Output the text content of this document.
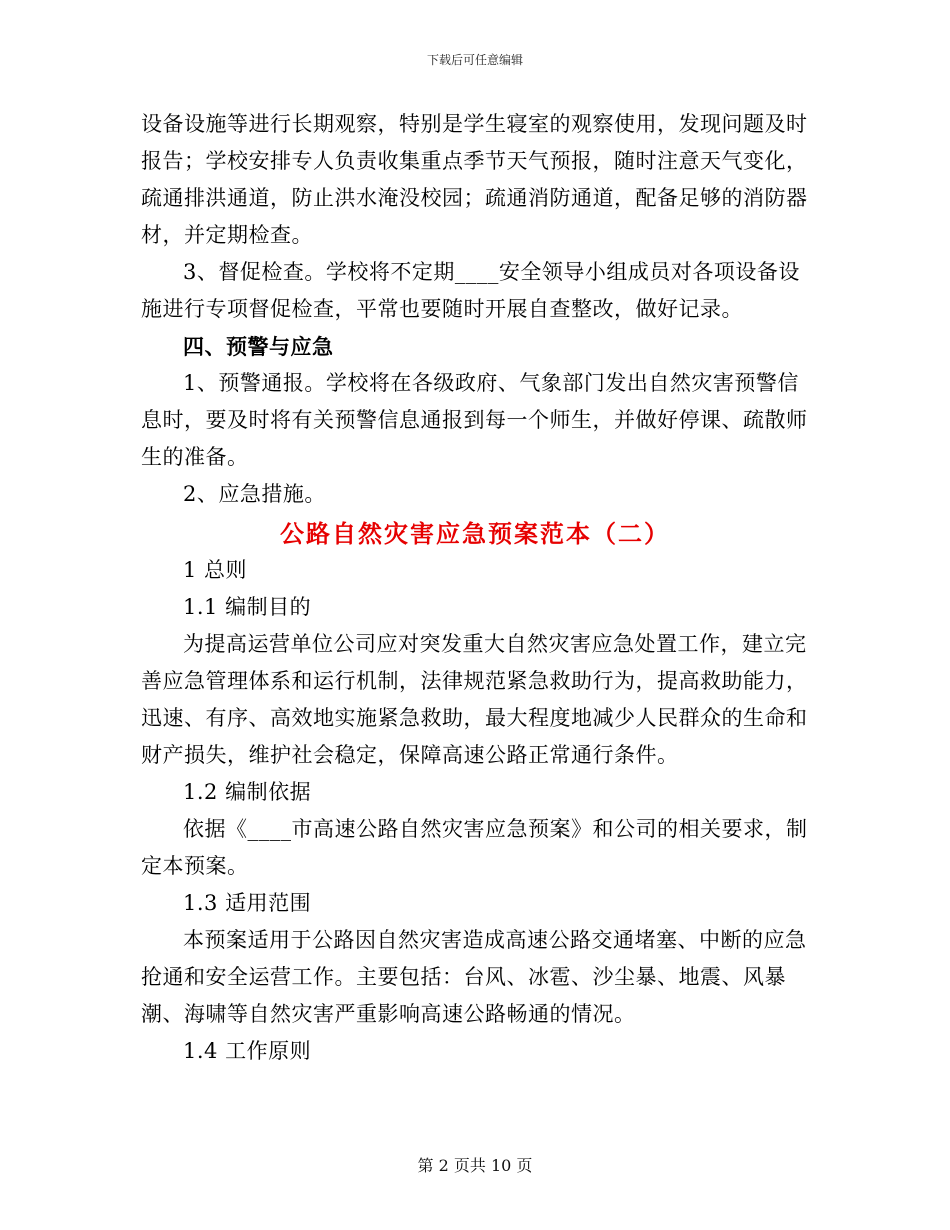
下载后可任意编辑

设备设施等进行长期观察，特别是学生寝室的观察使用，发现问题及时报告；学校安排专人负责收集重点季节天气预报，随时注意天气变化，疏通排洪通道，防止洪水淹没校园；疏通消防通道，配备足够的消防器材，并定期检查。

3、督促检查。学校将不定期____安全领导小组成员对各项设备设施进行专项督促检查，平常也要随时开展自查整改，做好记录。

四、预警与应急

1、预警通报。学校将在各级政府、气象部门发出自然灾害预警信息时，要及时将有关预警信息通报到每一个师生，并做好停课、疏散师生的准备。

2、应急措施。

公路自然灾害应急预案范本（二）

1 总则

1.1 编制目的

为提高运营单位公司应对突发重大自然灾害应急处置工作，建立完善应急管理体系和运行机制，法律规范紧急救助行为，提高救助能力，迅速、有序、高效地实施紧急救助，最大程度地减少人民群众的生命和财产损失，维护社会稳定，保障高速公路正常通行条件。

1.2 编制依据

依据《____市高速公路自然灾害应急预案》和公司的相关要求，制定本预案。

1.3 适用范围

本预案适用于公路因自然灾害造成高速公路交通堵塞、中断的应急抢通和安全运营工作。主要包括：台风、冰雹、沙尘暴、地震、风暴潮、海啸等自然灾害严重影响高速公路畅通的情况。

1.4 工作原则

第 2 页共 10 页
